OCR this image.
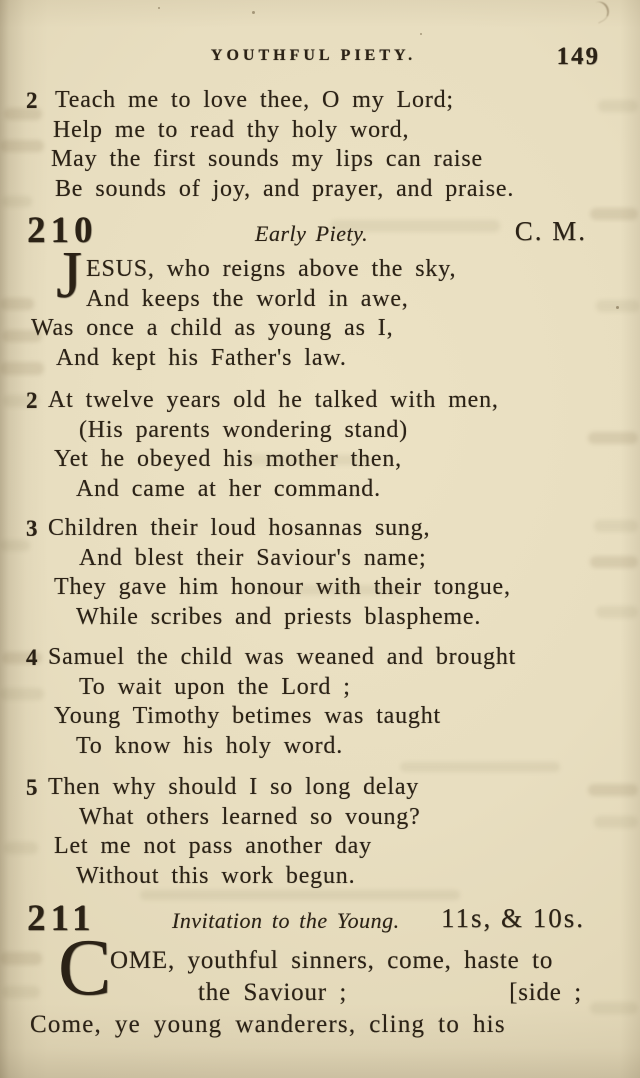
YOUTHFUL PIETY.	149
2 Teach me to love thee, O my Lord;
Help me to read thy holy word,
May the first sounds my lips can raise
Be sounds of joy, and prayer, and praise.
210	Early Piety.	C. M.
J ESUS, who reigns above the sky,
And keeps the world in awe,
Was once a child as young as I,
And kept his Father's law.
2 At twelve years old he talked with men,
(His parents wondering stand)
Yet he obeyed his mother then,
And came at her command.
3 Children their loud hosannas sung,
And blest their Saviour's name;
They gave him honour with their tongue,
While scribes and priests blaspheme.
4 Samuel the child was weaned and brought
To wait upon the Lord ;
Young Timothy betimes was taught
To know his holy word.
5 Then why should I so long delay
What others learned so voung?
Let me not pass another day
Without this work begun.
211	Invitation to the Young. 11s, & 10s.
C
OME, youthful sinners, come, haste to
the Saviour ;	[side ;
Come, ye young wanderers, cling to his
